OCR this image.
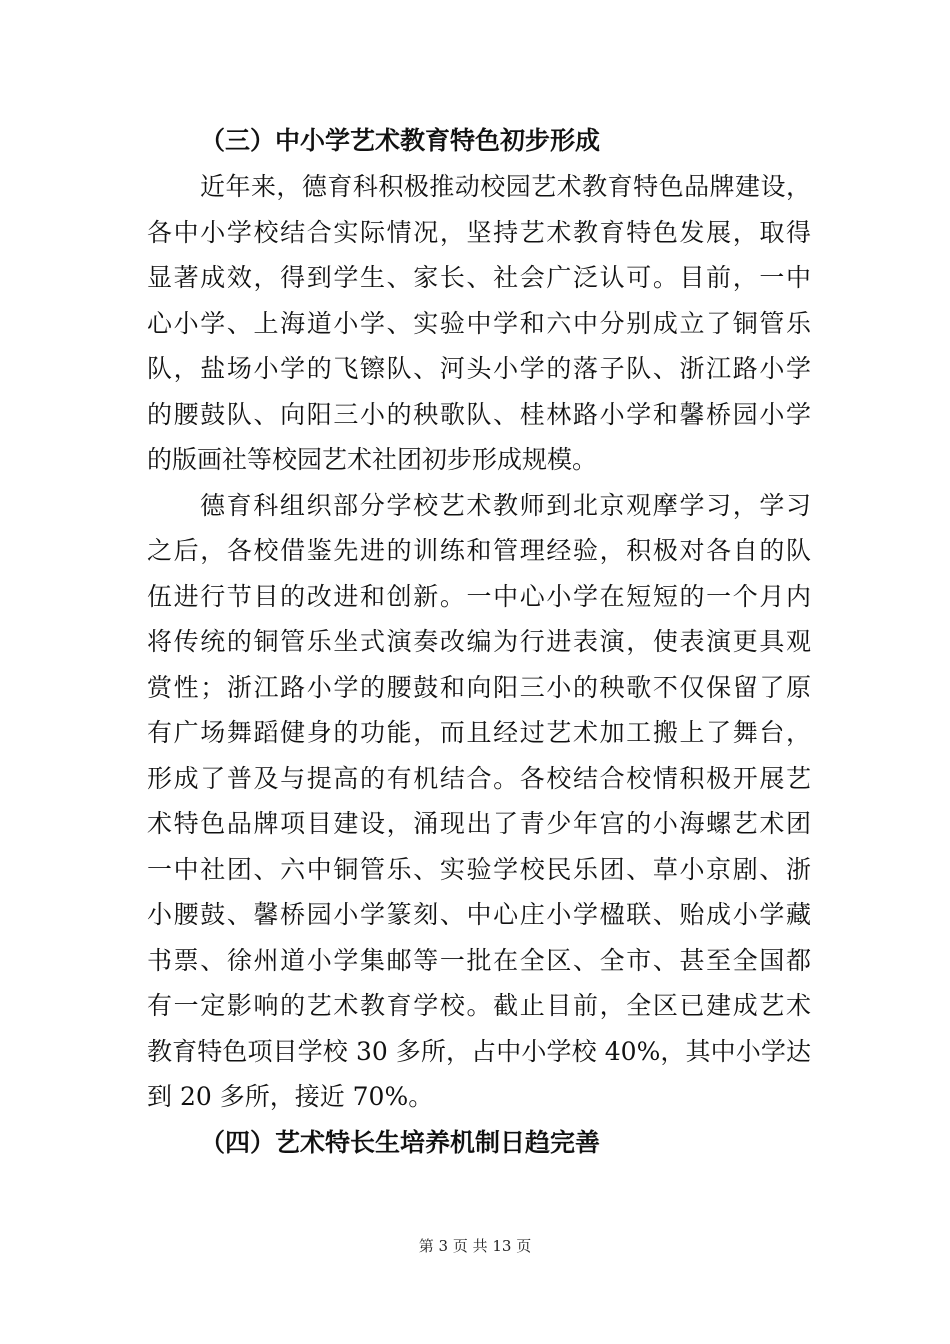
（三）中小学艺术教育特色初步形成
近年来，德育科积极推动校园艺术教育特色品牌建设，
各中小学校结合实际情况，坚持艺术教育特色发展，取得
显著成效，得到学生、家长、社会广泛认可。目前，一中
心小学、上海道小学、实验中学和六中分别成立了铜管乐
队，盐场小学的飞镲队、河头小学的落子队、浙江路小学
的腰鼓队、向阳三小的秧歌队、桂林路小学和馨桥园小学
的版画社等校园艺术社团初步形成规模。
德育科组织部分学校艺术教师到北京观摩学习，学习
之后，各校借鉴先进的训练和管理经验，积极对各自的队
伍进行节目的改进和创新。一中心小学在短短的一个月内
将传统的铜管乐坐式演奏改编为行进表演，使表演更具观
赏性；浙江路小学的腰鼓和向阳三小的秧歌不仅保留了原
有广场舞蹈健身的功能，而且经过艺术加工搬上了舞台，
形成了普及与提高的有机结合。各校结合校情积极开展艺
术特色品牌项目建设，涌现出了青少年宫的小海螺艺术团
一中社团、六中铜管乐、实验学校民乐团、草小京剧、浙
小腰鼓、馨桥园小学篆刻、中心庄小学楹联、贻成小学藏
书票、徐州道小学集邮等一批在全区、全市、甚至全国都
有一定影响的艺术教育学校。截止目前，全区已建成艺术
教育特色项目学校 30 多所，占中小学校 40%，其中小学达
到 20 多所，接近 70%。
（四）艺术特长生培养机制日趋完善
第 3 页 共 13 页
